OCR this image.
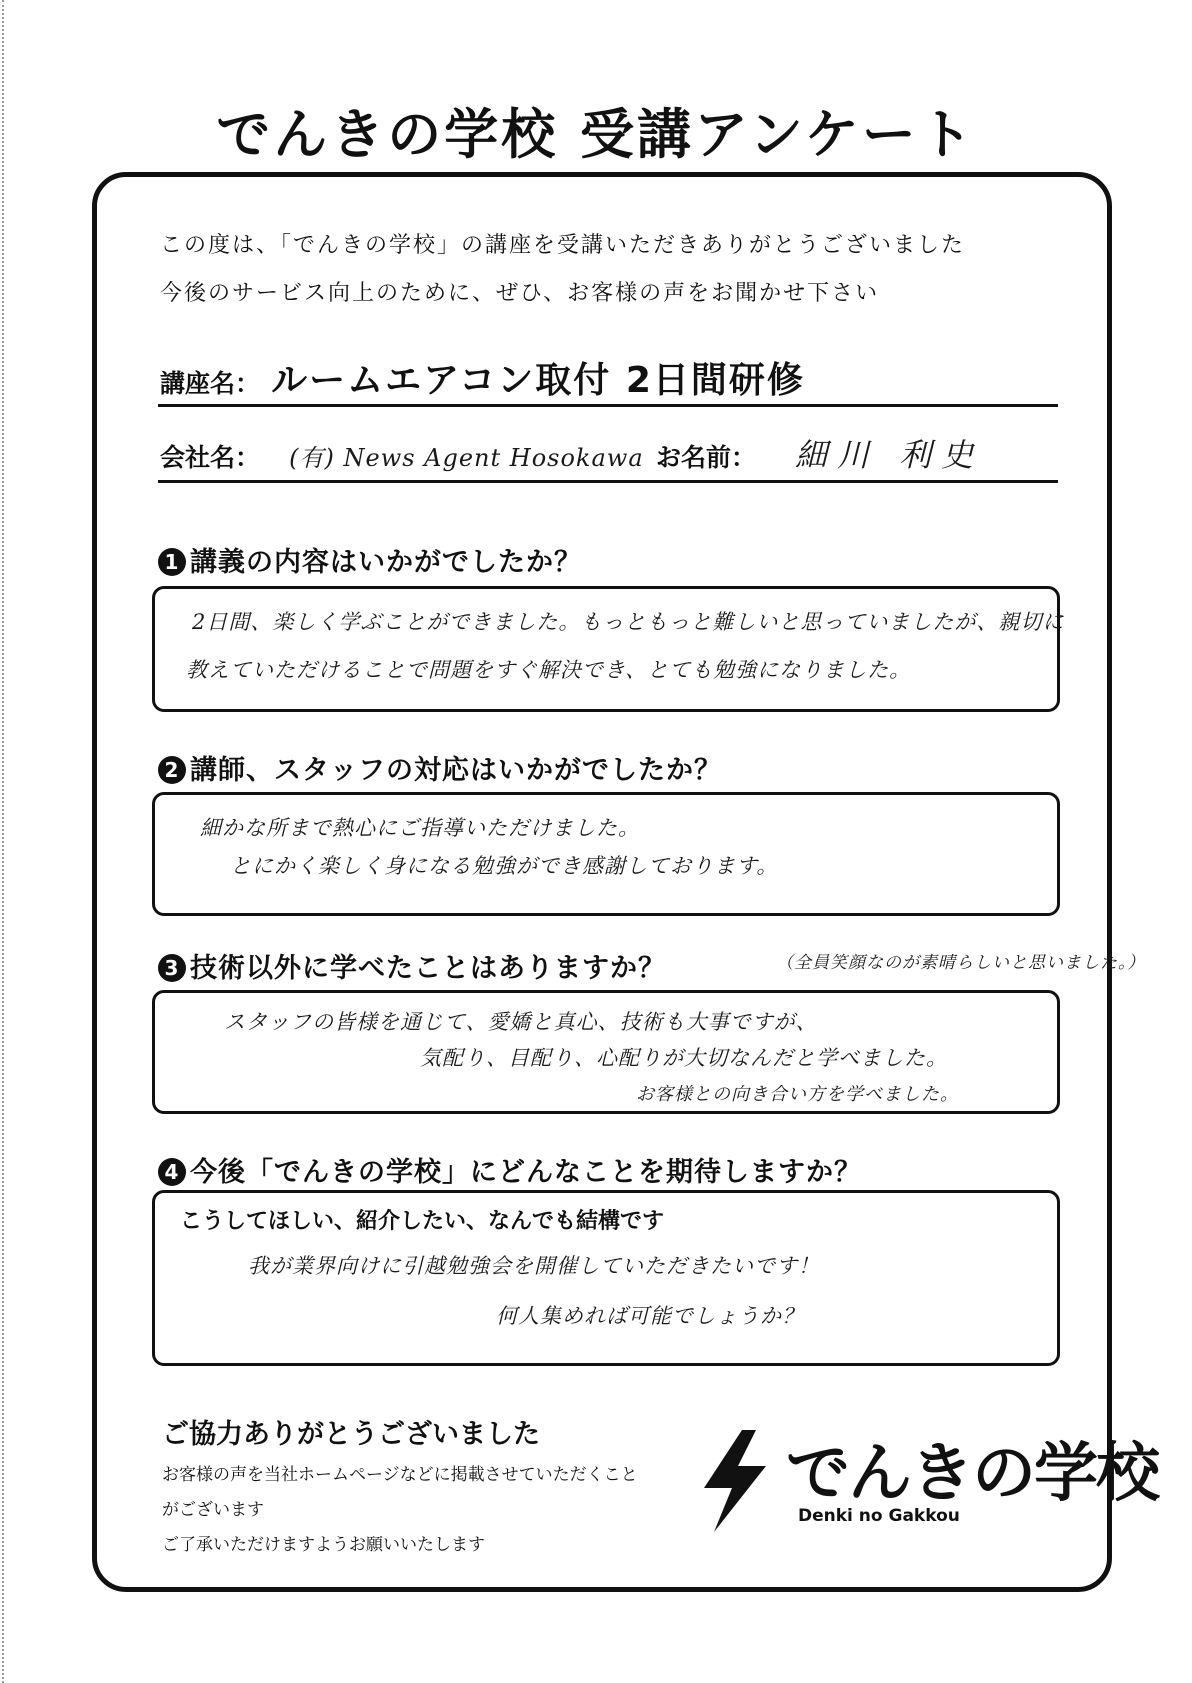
でんきの学校 受講アンケート
この度は、「でんきの学校」の講座を受講いただきありがとうございました
今後のサービス向上のために、ぜひ、お客様の声をお聞かせ下さい
講座名： ルームエアコン取付 2日間研修
会社名： (有) News Agent Hosokawa お名前： 細川 利史
1 講義の内容はいかがでしたか？
2日間、楽しく学ぶことができました。もっともっと難しいと思っていましたが、親切に
教えていただけることで問題をすぐ解決でき、とても勉強になりました。
2 講師、スタッフの対応はいかがでしたか？
細かな所まで熱心にご指導いただけました。
とにかく楽しく身になる勉強ができ感謝しております。
3 技術以外に学べたことはありますか？	（全員笑顔なのが素晴らしいと思いました。）
スタッフの皆様を通じて、愛嬌と真心、技術も大事ですが、
気配り、目配り、心配りが大切なんだと学べました。
お客様との向き合い方を学べました。
4 今後「でんきの学校」にどんなことを期待しますか？
こうしてほしい、紹介したい、なんでも結構です
我が業界向けに引越勉強会を開催していただきたいです！
何人集めれば可能でしょうか？
ご協力ありがとうございました
お客様の声を当社ホームページなどに掲載させていただくこと
がございます
ご了承いただけますようお願いいたします
でんきの学校
Denki no Gakkou
